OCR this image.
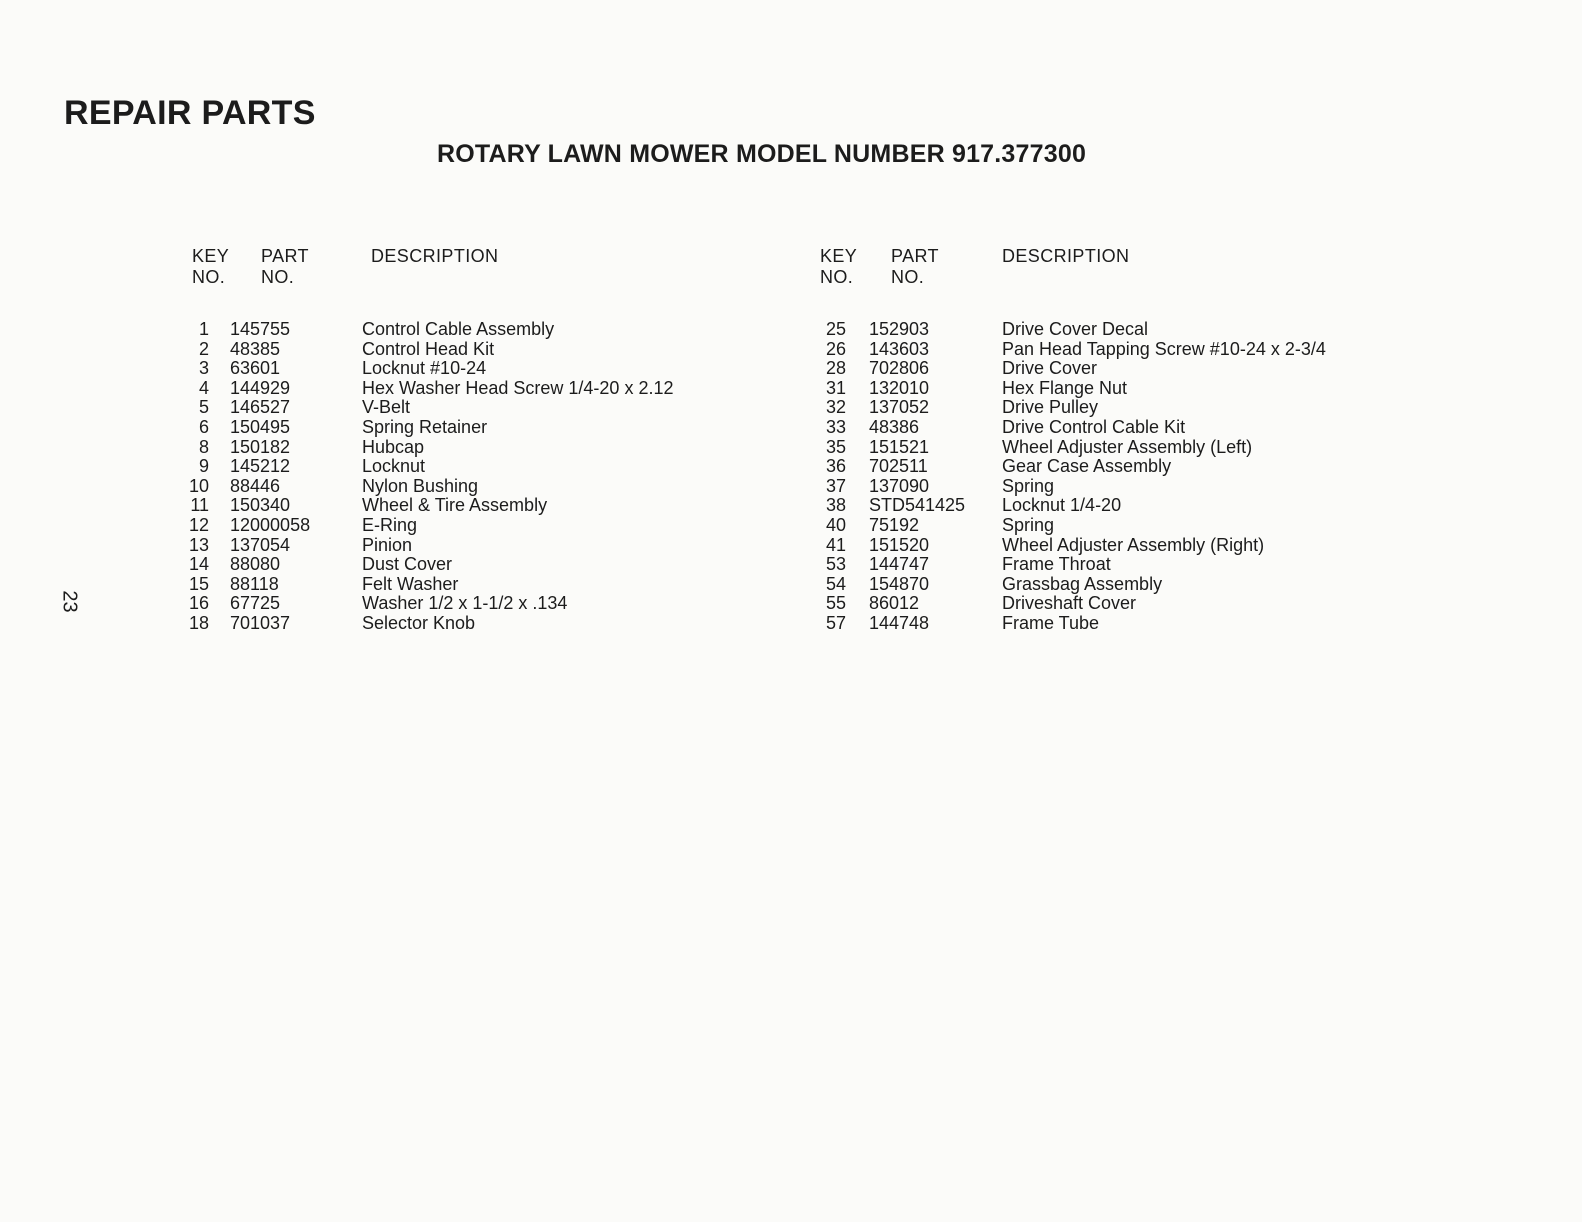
REPAIR PARTS
ROTARY LAWN MOWER MODEL NUMBER 917.377300
23
KEY
NO.
PART
NO.
DESCRIPTION
1 145755	Control Cable Assembly
2 48385	Control Head Kit
3 63601	Locknut #10-24
4 144929	Hex Washer Head Screw 1/4-20 x 2.12
5 146527	V-Belt
6 150495	Spring Retainer
8 150182	Hubcap
9 145212	Locknut
10 88446	Nylon Bushing
11 150340	Wheel & Tire Assembly
12 12000058	E-Ring
13 137054	Pinion
14 88080	Dust Cover
15 88118	Felt Washer
16 67725	Washer 1/2 x 1-1/2 x .134
18 701037	Selector Knob
KEY
NO.
PART
NO.
DESCRIPTION
25 152903	Drive Cover Decal
26 143603	Pan Head Tapping Screw #10-24 x 2-3/4
28 702806	Drive Cover
31 132010	Hex Flange Nut
32 137052	Drive Pulley
33 48386	Drive Control Cable Kit
35 151521	Wheel Adjuster Assembly (Left)
36 702511	Gear Case Assembly
37 137090	Spring
38 STD541425 Locknut 1/4-20
40 75192	Spring
41 151520	Wheel Adjuster Assembly (Right)
53 144747	Frame Throat
54 154870	Grassbag Assembly
55 86012	Driveshaft Cover
57 144748	Frame Tube
